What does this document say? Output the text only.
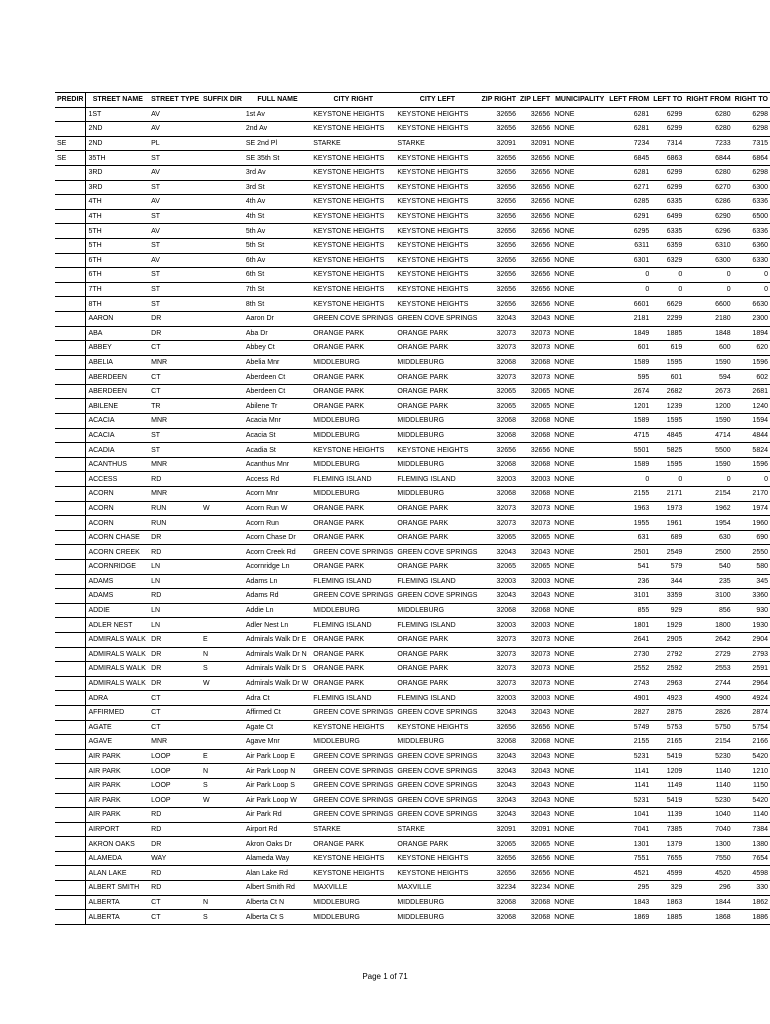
PREDIR	STREET NAME	STREET TYPE	SUFFIX DIR	FULL NAME	CITY RIGHT	CITY LEFT	ZIP RIGHT	ZIP LEFT	MUNICIPALITY	LEFT FROM	LEFT TO	RIGHT FROM	RIGHT TO
	1ST	AV		1st Av	KEYSTONE HEIGHTS	KEYSTONE HEIGHTS	32656	32656	NONE	6281	6299	6280	6298
	2ND	AV		2nd Av	KEYSTONE HEIGHTS	KEYSTONE HEIGHTS	32656	32656	NONE	6281	6299	6280	6298
SE	2ND	PL		SE 2nd Pl	STARKE	STARKE	32091	32091	NONE	7234	7314	7233	7315
SE	35TH	ST		SE 35th St	KEYSTONE HEIGHTS	KEYSTONE HEIGHTS	32656	32656	NONE	6845	6863	6844	6864
	3RD	AV		3rd Av	KEYSTONE HEIGHTS	KEYSTONE HEIGHTS	32656	32656	NONE	6281	6299	6280	6298
	3RD	ST		3rd St	KEYSTONE HEIGHTS	KEYSTONE HEIGHTS	32656	32656	NONE	6271	6299	6270	6300
	4TH	AV		4th Av	KEYSTONE HEIGHTS	KEYSTONE HEIGHTS	32656	32656	NONE	6285	6335	6286	6336
	4TH	ST		4th St	KEYSTONE HEIGHTS	KEYSTONE HEIGHTS	32656	32656	NONE	6291	6499	6290	6500
	5TH	AV		5th Av	KEYSTONE HEIGHTS	KEYSTONE HEIGHTS	32656	32656	NONE	6295	6335	6296	6336
	5TH	ST		5th St	KEYSTONE HEIGHTS	KEYSTONE HEIGHTS	32656	32656	NONE	6311	6359	6310	6360
	6TH	AV		6th Av	KEYSTONE HEIGHTS	KEYSTONE HEIGHTS	32656	32656	NONE	6301	6329	6300	6330
	6TH	ST		6th St	KEYSTONE HEIGHTS	KEYSTONE HEIGHTS	32656	32656	NONE	0	0	0	0
	7TH	ST		7th St	KEYSTONE HEIGHTS	KEYSTONE HEIGHTS	32656	32656	NONE	0	0	0	0
	8TH	ST		8th St	KEYSTONE HEIGHTS	KEYSTONE HEIGHTS	32656	32656	NONE	6601	6629	6600	6630
	AARON	DR		Aaron Dr	GREEN COVE SPRINGS	GREEN COVE SPRINGS	32043	32043	NONE	2181	2299	2180	2300
	ABA	DR		Aba Dr	ORANGE PARK	ORANGE PARK	32073	32073	NONE	1849	1885	1848	1894
	ABBEY	CT		Abbey Ct	ORANGE PARK	ORANGE PARK	32073	32073	NONE	601	619	600	620
	ABELIA	MNR		Abelia Mnr	MIDDLEBURG	MIDDLEBURG	32068	32068	NONE	1589	1595	1590	1596
	ABERDEEN	CT		Aberdeen Ct	ORANGE PARK	ORANGE PARK	32073	32073	NONE	595	601	594	602
	ABERDEEN	CT		Aberdeen Ct	ORANGE PARK	ORANGE PARK	32065	32065	NONE	2674	2682	2673	2681
	ABILENE	TR		Abilene Tr	ORANGE PARK	ORANGE PARK	32065	32065	NONE	1201	1239	1200	1240
	ACACIA	MNR		Acacia Mnr	MIDDLEBURG	MIDDLEBURG	32068	32068	NONE	1589	1595	1590	1594
	ACACIA	ST		Acacia St	MIDDLEBURG	MIDDLEBURG	32068	32068	NONE	4715	4845	4714	4844
	ACADIA	ST		Acadia St	KEYSTONE HEIGHTS	KEYSTONE HEIGHTS	32656	32656	NONE	5501	5825	5500	5824
	ACANTHUS	MNR		Acanthus Mnr	MIDDLEBURG	MIDDLEBURG	32068	32068	NONE	1589	1595	1590	1596
	ACCESS	RD		Access Rd	FLEMING ISLAND	FLEMING ISLAND	32003	32003	NONE	0	0	0	0
	ACORN	MNR		Acorn Mnr	MIDDLEBURG	MIDDLEBURG	32068	32068	NONE	2155	2171	2154	2170
	ACORN	RUN	W	Acorn Run W	ORANGE PARK	ORANGE PARK	32073	32073	NONE	1963	1973	1962	1974
	ACORN	RUN		Acorn Run	ORANGE PARK	ORANGE PARK	32073	32073	NONE	1955	1961	1954	1960
	ACORN CHASE	DR		Acorn Chase Dr	ORANGE PARK	ORANGE PARK	32065	32065	NONE	631	689	630	690
	ACORN CREEK	RD		Acorn Creek Rd	GREEN COVE SPRINGS	GREEN COVE SPRINGS	32043	32043	NONE	2501	2549	2500	2550
	ACORNRIDGE	LN		Acornridge Ln	ORANGE PARK	ORANGE PARK	32065	32065	NONE	541	579	540	580
	ADAMS	LN		Adams Ln	FLEMING ISLAND	FLEMING ISLAND	32003	32003	NONE	236	344	235	345
	ADAMS	RD		Adams Rd	GREEN COVE SPRINGS	GREEN COVE SPRINGS	32043	32043	NONE	3101	3359	3100	3360
	ADDIE	LN		Addie Ln	MIDDLEBURG	MIDDLEBURG	32068	32068	NONE	855	929	856	930
	ADLER NEST	LN		Adler Nest Ln	FLEMING ISLAND	FLEMING ISLAND	32003	32003	NONE	1801	1929	1800	1930
	ADMIRALS WALK	DR	E	Admirals Walk Dr E	ORANGE PARK	ORANGE PARK	32073	32073	NONE	2641	2905	2642	2904
	ADMIRALS WALK	DR	N	Admirals Walk Dr N	ORANGE PARK	ORANGE PARK	32073	32073	NONE	2730	2792	2729	2793
	ADMIRALS WALK	DR	S	Admirals Walk Dr S	ORANGE PARK	ORANGE PARK	32073	32073	NONE	2552	2592	2553	2591
	ADMIRALS WALK	DR	W	Admirals Walk Dr W	ORANGE PARK	ORANGE PARK	32073	32073	NONE	2743	2963	2744	2964
	ADRA	CT		Adra Ct	FLEMING ISLAND	FLEMING ISLAND	32003	32003	NONE	4901	4923	4900	4924
	AFFIRMED	CT		Affirmed Ct	GREEN COVE SPRINGS	GREEN COVE SPRINGS	32043	32043	NONE	2827	2875	2826	2874
	AGATE	CT		Agate Ct	KEYSTONE HEIGHTS	KEYSTONE HEIGHTS	32656	32656	NONE	5749	5753	5750	5754
	AGAVE	MNR		Agave Mnr	MIDDLEBURG	MIDDLEBURG	32068	32068	NONE	2155	2165	2154	2166
	AIR PARK	LOOP	E	Air Park Loop E	GREEN COVE SPRINGS	GREEN COVE SPRINGS	32043	32043	NONE	5231	5419	5230	5420
	AIR PARK	LOOP	N	Air Park Loop N	GREEN COVE SPRINGS	GREEN COVE SPRINGS	32043	32043	NONE	1141	1209	1140	1210
	AIR PARK	LOOP	S	Air Park Loop S	GREEN COVE SPRINGS	GREEN COVE SPRINGS	32043	32043	NONE	1141	1149	1140	1150
	AIR PARK	LOOP	W	Air Park Loop W	GREEN COVE SPRINGS	GREEN COVE SPRINGS	32043	32043	NONE	5231	5419	5230	5420
	AIR PARK	RD		Air Park Rd	GREEN COVE SPRINGS	GREEN COVE SPRINGS	32043	32043	NONE	1041	1139	1040	1140
	AIRPORT	RD		Airport Rd	STARKE	STARKE	32091	32091	NONE	7041	7385	7040	7384
	AKRON OAKS	DR		Akron Oaks Dr	ORANGE PARK	ORANGE PARK	32065	32065	NONE	1301	1379	1300	1380
	ALAMEDA	WAY		Alameda Way	KEYSTONE HEIGHTS	KEYSTONE HEIGHTS	32656	32656	NONE	7551	7655	7550	7654
	ALAN LAKE	RD		Alan Lake Rd	KEYSTONE HEIGHTS	KEYSTONE HEIGHTS	32656	32656	NONE	4521	4599	4520	4598
	ALBERT SMITH	RD		Albert Smith Rd	MAXVILLE	MAXVILLE	32234	32234	NONE	295	329	296	330
	ALBERTA	CT	N	Alberta Ct N	MIDDLEBURG	MIDDLEBURG	32068	32068	NONE	1843	1863	1844	1862
	ALBERTA	CT	S	Alberta Ct S	MIDDLEBURG	MIDDLEBURG	32068	32068	NONE	1869	1885	1868	1886
Page 1 of 71
